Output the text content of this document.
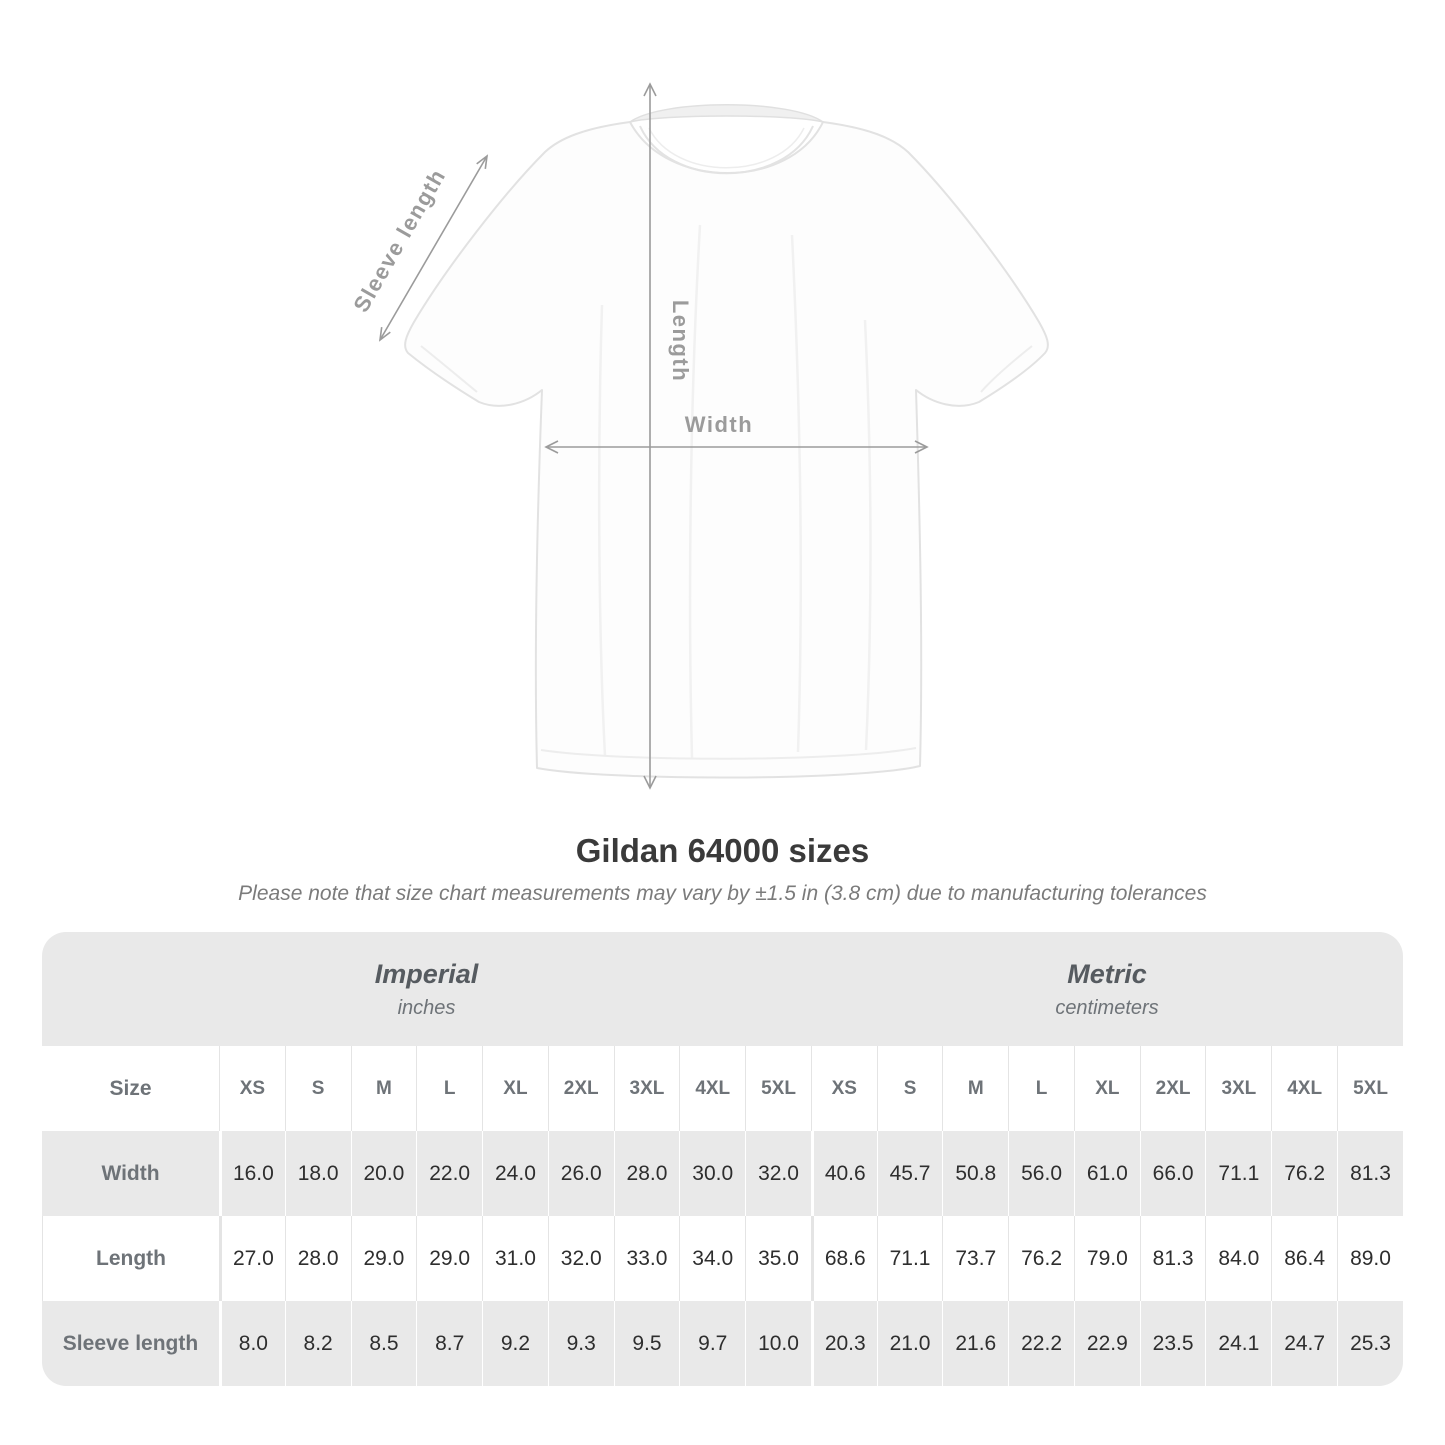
Length
Width
Sleeve length
Gildan 64000 sizes

Please note that size chart measurements may vary by ±1.5 in (3.8 cm) due to manufacturing tolerances

Imperial
inches
Metric
centimeters
Size	XS	S	M	L	XL	2XL	3XL	4XL	5XL	XS	S	M	L	XL	2XL	3XL	4XL	5XL
Width	16.0	18.0	20.0	22.0	24.0	26.0	28.0	30.0	32.0	40.6	45.7	50.8	56.0	61.0	66.0	71.1	76.2	81.3
Length	27.0	28.0	29.0	29.0	31.0	32.0	33.0	34.0	35.0	68.6	71.1	73.7	76.2	79.0	81.3	84.0	86.4	89.0
Sleeve length	8.0	8.2	8.5	8.7	9.2	9.3	9.5	9.7	10.0	20.3	21.0	21.6	22.2	22.9	23.5	24.1	24.7	25.3
